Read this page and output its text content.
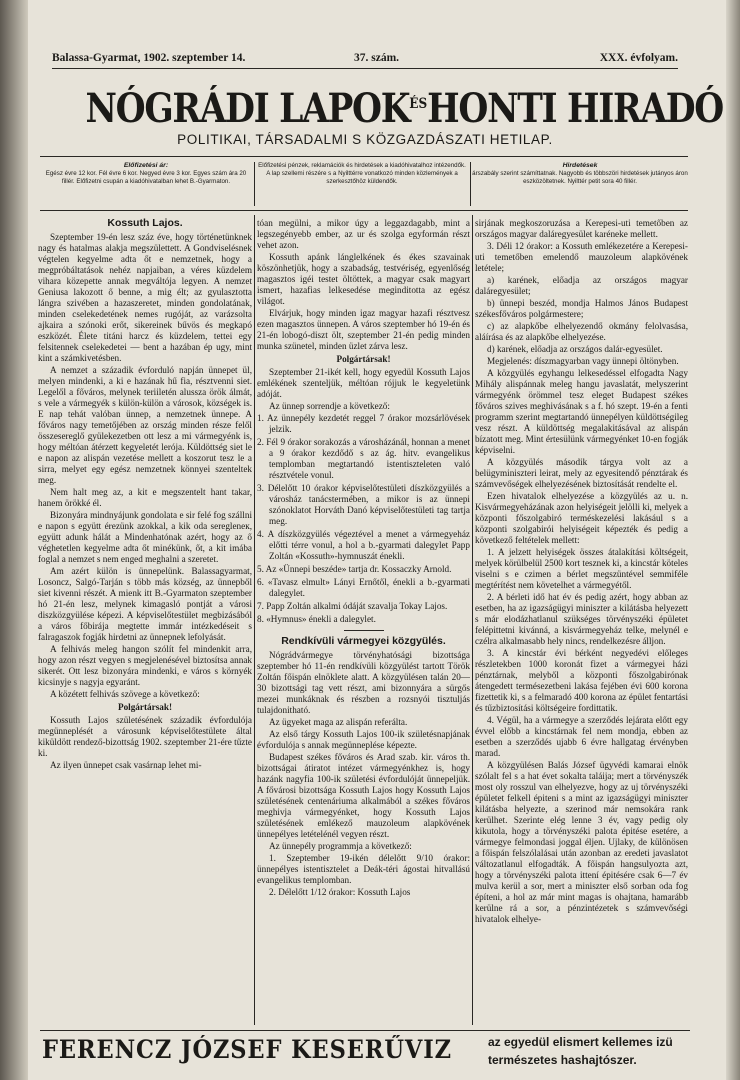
Balassa-Gyarmat, 1902. szeptember 14.	37. szám.	XXX. évfolyam.
NÓGRÁDI $LAPOK^{ÉS}HONTI$ HIRADÓ
POLITIKAI, TÁRSADALMI S KÖZGAZDÁSZATI HETILAP.
Előfizetési ár:
Egész évre 12 kor. Fél évre 6 kor. Negyed évre 3 kor. Egyes szám ára 20 fillér. Előfizetni csupán a kiadóhivatalban lehet B.-Gyarmaton.
Előfizetési pénzek, reklamációk és hirdetések a kiadóhivatalhoz intézendők. A lap szellemi részére s a Nyilttérre vonatkozó minden közlemények a szerkesztőhöz küldendők.
Hirdetések
árszabály szerint számíttatnak. Nagyobb és többszöri hirdetések jutányos áron eszközöltetnek. Nyilttér petit sora 40 fillér.
Kossuth Lajos.

Szeptember 19-én lesz száz éve, hogy történetünknek nagy és hatalmas alakja megszülettett. A Gondviselésnek végtelen kegyelme adta őt e nemzetnek, hogy a megpróbáltatások nehéz napjaiban, a véres küzdelem vihara közepette annak megváltója legyen. A nemzet Geniusa lakozott ő benne, a mig élt; az gyulasztotta lángra szivében a hazaszeretet, minden gondolatának, minden cselekedetének nemes rugóját, az varázsolta ajkaira a szónoki erőt, sikereinek bűvös és megkapó eszközét. Élete titáni harcz és küzdelem, tettei egy felsitennek cselekedetei — bent a hazában ép ugy, mint kint a számkivetésben.

A nemzet a századik évforduló napján ünnepet ül, melyen mindenki, a ki e hazának hű fia, résztvenni siet. Legelől a főváros, melynek teriiletén alussza örök álmát, s vele a vármegyék s külön-külön a városok, községek is. E nap tehát valóban ünnep, a nemzetnek ünnepe. A főváros nagy temetőjében az ország minden része felől összesereglő gyülekezetben ott lesz a mi vármegyénk is, hogy méltóan átérzett kegyeletét lerója. Küldöttség siet le e napon az alispán vezetése mellett a koszorut tesz le a sirra, melyet egy egész nemzetnek könnyei szenteltek meg.

Nem halt meg az, a kit e megszentelt hant takar, hanem örökké él.

Bizonyára mindnyájunk gondolata e sir felé fog szállni e napon s együtt érezünk azokkal, a kik oda seregleneк, együtt adunk hálát a Mindenhatónak azért, hogy az ő véghetetlen kegyelme adta őt minékünk, őt, a kit imába foglal a nemzet s nem enged meghalni a szeretet.

Am azért külön is ünnepelünk. Balassagyarmat, Losoncz, Salgó-Tarján s több más község, az ünnepből siet kivenni részét. A mienk itt B.-Gyarmaton szeptember hó 21-én lesz, melynek kimagasló pontját a városi diszközgyülése képezi. A képviselőtestület megbizásából a város főbirája megtette immár intézkedéseit s falragaszok fogják hirdetni az ünnepnek lefolyását.

A felhivás meleg hangon szólít fel mindenkit arra, hogy azon részt vegyen s megjelenésével biztosítsa annak sikerét. Ott lesz bizonyára mindenki, e város s környék kicsinyje s nagyja egyaránt.

A közétett felhivás szövege a következő:

Polgártársak!

Kossuth Lajos születésének századik évfordulója megünneplését a városunk képviselőtestülete által kiküldött rendező-bizottság 1902. szeptember 21-ére tűzte ki.

Az ilyen ünnepet csak vasárnap lehet mi-

tóan megülni, a mikor úgy a leggazdagabb, mint a legszegényebb ember, az ur és szolga egyformán részt vehet azon.

Kossuth apánk lánglelkének és ékes szavainak köszönhetjük, hogy a szabadság, testvériség, egyenlőség magasztos igéi testet öltöttek, a magyar csak magyart ismert, hazafias lelkesedése meginditotta az egész világot.

Elvárjuk, hogy minden igaz magyar hazafi résztvesz ezen magasztos ünnepen. A város szeptember hó 19-én és 21-én lobogó-diszt ölt, szeptember 21-én pedig minden munka szünetel, minden üzlet zárva lesz.

Polgártársak!

Szeptember 21-ikét kell, hogy egyedül Kossuth Lajos emlékének szenteljük, méltóan rójjuk le kegyeletünk adóját.

Az ünnep sorrendje a következő:

1. Az ünnepély kezdetét reggel 7 órakor mozsárlövések jelzik.

2. Fél 9 órakor sorakozás a városházánál, honnan a menet a 9 órakor kezdődő s az ág. hitv. evangelikus templomban megtartandó istentiszteleten való résztvétele vonul.

3. Délelőtt 10 órakor képviselőtestületi díszközgyülés a városház tanácstermében, a mikor is az ünnepi szónoklatot Horváth Danó képviselőtestületi tag tartja meg.

4. A díszközgyülés végeztével a menet a vármegyeház előtti térre vonul, a hol a b.-gyarmati dalegylet Papp Zoltán «Kossuth»-hymnuszát énekli.

5. Az «Ünnepi beszéde» tartja dr. Kossaczky Arnold.

6. «Tavasz elmult» Lányi Ernőtől, énekli a b.-gyarmati dalegylet.

7. Papp Zoltán alkalmi ódáját szavalja Tokay Lajos.

8. «Hymnus» énekli a dalegylet.

Rendkívüli vármegyei közgyülés.

Nógrádvármegye törvényhatósági bizottsága szeptember hó 11-én rendkívüli közgyülést tartott Török Zoltán főispán elnöklete alatt. A közgyülésen talán 20—30 bizottsági tag vett részt, ami bizonnyára a sürgős mezei munkáknak és részben a rozsnyói tisztuljás tulajdonitható.

Az ügyeket maga az alispán referálta.

Az első tárgy Kossuth Lajos 100-ik születésnapjának évfordulója s annak megünneplése képezte.

Budapest székes főváros és Arad szab. kir. város th. bizottságai átiratot intézet vármegyénkhez is, hogy hazánk nagyfia 100-ik születési évfordulóját ünnepeljük. A fővárosi bizottsága Kossuth Lajos hogy Kossuth Lajos születésének centenáriuma alkalmából a székes főváros meghivja vármegyénket, hogy Kossuth Lajos születésének emlékező mauzoleum alapkövének ünnepélyes letételénél vegyen részt.

Az ünnepély programmja a következő:

1. Szeptember 19-ikén délelőtt 9/10 órakor: ünnepélyes istentisztelet a Deák-téri ágostai hitvallású evangelikus templomban.

2. Délelőtt 1/12 órakor: Kossuth Lajos

sirjának megkoszoruzása a Kerepesi-uti temetőben az országos magyar daláregyesület karéneke mellett.

3. Déli 12 órakor: a Kossuth emlékezetére a Kerepesi-uti temetőben emelendő mauzoleum alapkövének letétele;

a) karének, előadja az országos magyar daláregyesület;

b) ünnepi beszéd, mondja Halmos János Budapest székesfőváros polgármestere;

c) az alapkőbe elhelyezendő okmány felolvasása, aláírása és az alapkőbe elhelyezése.

d) karének, előadja az országos dalár-egyesület.

Megjelenés: díszmagyarban vagy ünnepi öltönyben.

A közgyülés egyhangu lelkesedéssel elfogadta Nagy Mihály alispánnak meleg hangu javaslatát, melyszerint vármegyénk örömmel tesz eleget Budapest székes főváros szives meghivásának s a f. hó szept. 19-én a fenti programm szerint megtartandó ünnepélyen küldöttségileg vesz részt. A küldöttség megalakitásával az alispán bízatott meg. Mint értesülünk vármegyénket 10-en fogják képviselni.

A közgyülés második tárgya volt az a belügyminiszteri leirat, mely az egyesitendő pénztárak és számvevőségek elhelyezésének biztosítását rendelte el.

Ezen hivatalok elhelyezése a közgyülés az u. n. Kisvármegyeházának azon helyiségeit jelölli ki, melyek a központi főszolgabiró terméskezelési lakásául s a központi szolgabirói helyiségeit képezték és pedig a következő feltételek mellett:

1. A jelzett helyiségek összes átalakítási költségeit, melyek körülbelül 2500 kort tesznek ki, a kincstár köteles viselni s e czimen a bérlet megszüntével semmiféle megtérítést nem követelhet a vármegyétől.

2. A bérleti idő hat év és pedig azért, hogy abban az esetben, ha az igazságügyi miniszter a kilátásba helyezett s már elodázhatlanul szükséges törvényszéki épületet felépittetni kivánná, a kisvármegyeház telke, melynél e czélra alkalmasabb hely nincs, rendelkezésre álljon.

3. A kincstár évi bérként negyedévi előleges részletekben 1000 koronát fizet a vármegyei házi pénztárnak, melyből a központi főszolgabirónak átengedett termésezetbeni lakása fejében évi 600 korona fizettetik ki, s a felmaradó 400 korona az épület fentartási és tűzbiztosítási költségeire fordittatik.

4. Végül, ha a vármegye a szerződés lejárata előtt egy évvel előbb a kincstárnak fel nem mondja, ebben az esetben a szerződés ujabb 6 évre hallgatag érvényben marad.

A közgyülésen Balás József ügyvédi kamarai elnök szólalt fel s a hat évet sokalta taláija; mert a törvényszék most oly rosszul van elhelyezve, hogy az uj törvényszéki épületet felkell épiteni s a mint az igazságügyi miniszter kilátásba helyezte, a szerinod már nemsokára rank kerülhet. Szerinte elég lenne 3 év, vagy pedig oly kikutola, hogy a törvényszéki palota épitése esetére, a vármegye felmondasi joggal éljen. Ujlaky, de különösen a főispán felszólalásai után azonban az eredeti javaslatot változatlanul elfogadták. A főispán hangsulyozta azt, hogy a törvényszéki palota ittení épitésére csak 6—7 év mulva kerül a sor, mert a miniszter első sorban oda fog építeni, a hol az már mint magas is ohajtana, hamarább kerülne rá a sor, a pénzintézetek s számvevőségi hivatalok elhelye-

FERENCZ JÓZSEF KESERŰVIZ	az egyedül elismert kellemes izü
természetes hashajtószer.
